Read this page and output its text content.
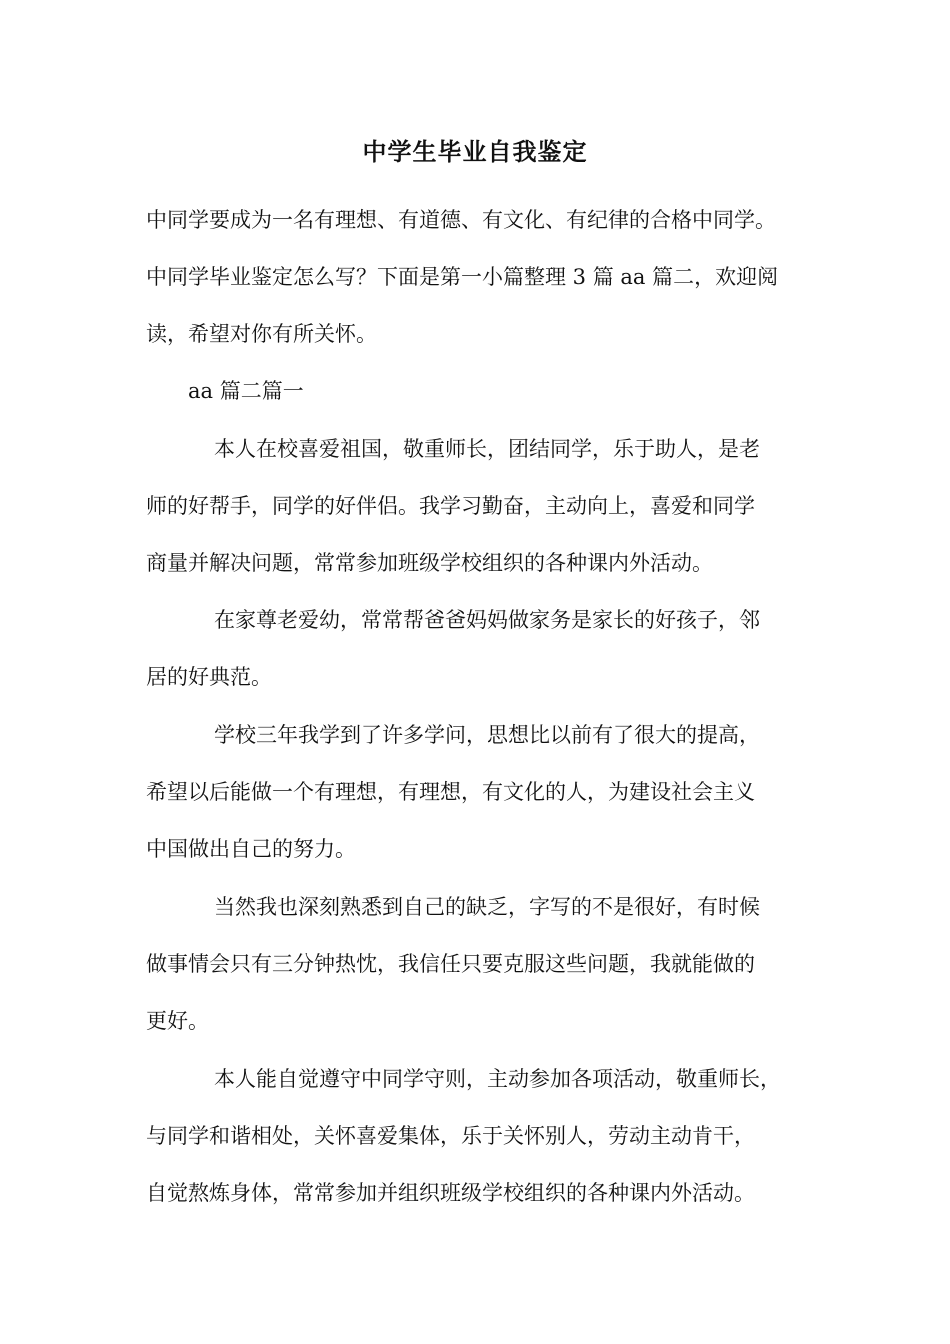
中学生毕业自我鉴定

中同学要成为一名有理想、有道德、有文化、有纪律的合格中同学。

中同学毕业鉴定怎么写？下面是第一小篇整理 3 篇 aa 篇二，欢迎阅

读，希望对你有所关怀。

aa 篇二篇一

本人在校喜爱祖国，敬重师长，团结同学，乐于助人，是老

师的好帮手，同学的好伴侣。我学习勤奋，主动向上，喜爱和同学

商量并解决问题，常常参加班级学校组织的各种课内外活动。

在家尊老爱幼，常常帮爸爸妈妈做家务是家长的好孩子，邻

居的好典范。

学校三年我学到了许多学问，思想比以前有了很大的提高，

希望以后能做一个有理想，有理想，有文化的人，为建设社会主义

中国做出自己的努力。

当然我也深刻熟悉到自己的缺乏，字写的不是很好，有时候

做事情会只有三分钟热忱，我信任只要克服这些问题，我就能做的

更好。

本人能自觉遵守中同学守则，主动参加各项活动，敬重师长，

与同学和谐相处，关怀喜爱集体，乐于关怀别人，劳动主动肯干，

自觉熬炼身体，常常参加并组织班级学校组织的各种课内外活动。
